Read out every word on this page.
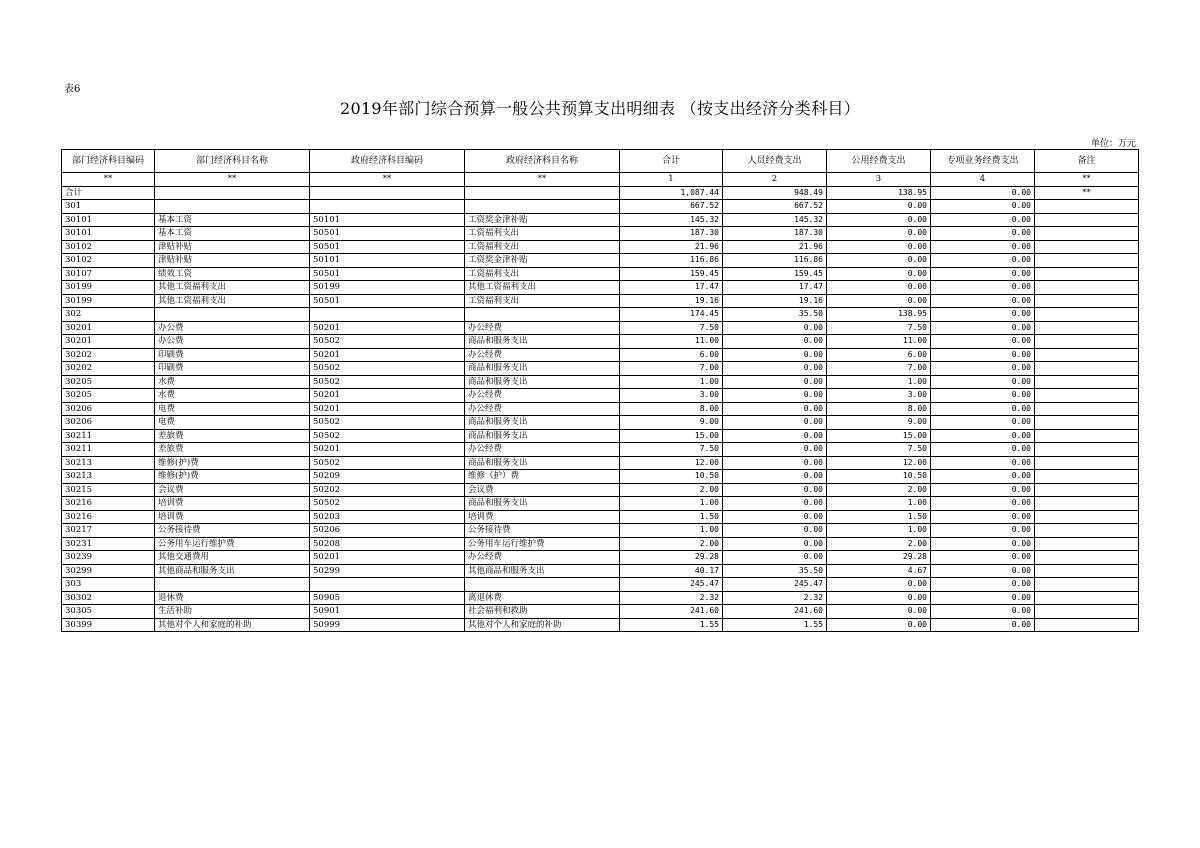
表6
2019年部门综合预算一般公共预算支出明细表 （按支出经济分类科目）
单位：万元
部门经济科目编码	部门经济科目名称	政府经济科目编码	政府经济科目名称	合计	人员经费支出	公用经费支出	专项业务经费支出	备注
**	**	**	**	1	2	3	4	**
合计				1,087.44	948.49	138.95	0.00	**
301				667.52	667.52	0.00	0.00	
30101	基本工资	50101	工资奖金津补贴	145.32	145.32	0.00	0.00	
30101	基本工资	50501	工资福利支出	187.30	187.30	0.00	0.00	
30102	津贴补贴	50501	工资福利支出	21.96	21.96	0.00	0.00	
30102	津贴补贴	50101	工资奖金津补贴	116.86	116.86	0.00	0.00	
30107	绩效工资	50501	工资福利支出	159.45	159.45	0.00	0.00	
30199	其他工资福利支出	50199	其他工资福利支出	17.47	17.47	0.00	0.00	
30199	其他工资福利支出	50501	工资福利支出	19.16	19.16	0.00	0.00	
302				174.45	35.50	138.95	0.00	
30201	办公费	50201	办公经费	7.50	0.00	7.50	0.00	
30201	办公费	50502	商品和服务支出	11.00	0.00	11.00	0.00	
30202	印刷费	50201	办公经费	6.00	0.00	6.00	0.00	
30202	印刷费	50502	商品和服务支出	7.00	0.00	7.00	0.00	
30205	水费	50502	商品和服务支出	1.00	0.00	1.00	0.00	
30205	水费	50201	办公经费	3.00	0.00	3.00	0.00	
30206	电费	50201	办公经费	8.00	0.00	8.00	0.00	
30206	电费	50502	商品和服务支出	9.00	0.00	9.00	0.00	
30211	差旅费	50502	商品和服务支出	15.00	0.00	15.00	0.00	
30211	差旅费	50201	办公经费	7.50	0.00	7.50	0.00	
30213	维修(护)费	50502	商品和服务支出	12.00	0.00	12.00	0.00	
30213	维修(护)费	50209	维修（护）费	10.50	0.00	10.50	0.00	
30215	会议费	50202	会议费	2.00	0.00	2.00	0.00	
30216	培训费	50502	商品和服务支出	1.00	0.00	1.00	0.00	
30216	培训费	50203	培训费	1.50	0.00	1.50	0.00	
30217	公务接待费	50206	公务接待费	1.00	0.00	1.00	0.00	
30231	公务用车运行维护费	50208	公务用车运行维护费	2.00	0.00	2.00	0.00	
30239	其他交通费用	50201	办公经费	29.28	0.00	29.28	0.00	
30299	其他商品和服务支出	50299	其他商品和服务支出	40.17	35.50	4.67	0.00	
303				245.47	245.47	0.00	0.00	
30302	退休费	50905	离退休费	2.32	2.32	0.00	0.00	
30305	生活补助	50901	社会福利和救助	241.60	241.60	0.00	0.00	
30399	其他对个人和家庭的补助	50999	其他对个人和家庭的补助	1.55	1.55	0.00	0.00	
